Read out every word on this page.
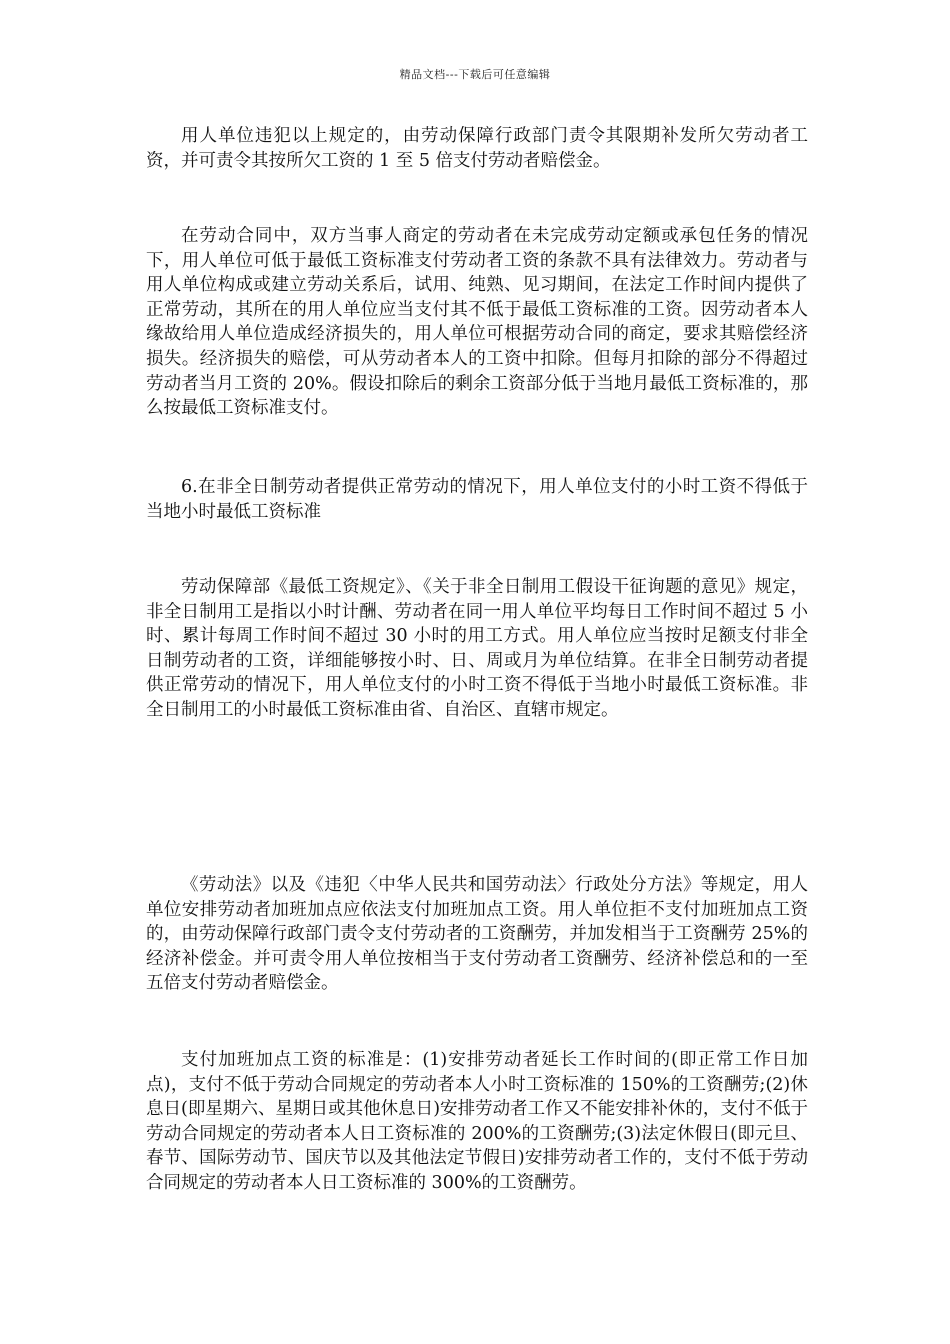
精品文档---下载后可任意编辑

用人单位违犯以上规定的，由劳动保障行政部门责令其限期补发所欠劳动者工资，并可责令其按所欠工资的 1 至 5 倍支付劳动者赔偿金。

在劳动合同中，双方当事人商定的劳动者在未完成劳动定额或承包任务的情况下，用人单位可低于最低工资标准支付劳动者工资的条款不具有法律效力。劳动者与用人单位构成或建立劳动关系后，试用、纯熟、见习期间，在法定工作时间内提供了正常劳动，其所在的用人单位应当支付其不低于最低工资标准的工资。因劳动者本人缘故给用人单位造成经济损失的，用人单位可根据劳动合同的商定，要求其赔偿经济损失。经济损失的赔偿，可从劳动者本人的工资中扣除。但每月扣除的部分不得超过劳动者当月工资的 20%。假设扣除后的剩余工资部分低于当地月最低工资标准的，那么按最低工资标准支付。

6.在非全日制劳动者提供正常劳动的情况下，用人单位支付的小时工资不得低于当地小时最低工资标准

劳动保障部《最低工资规定》、《关于非全日制用工假设干征询题的意见》规定，非全日制用工是指以小时计酬、劳动者在同一用人单位平均每日工作时间不超过 5 小时、累计每周工作时间不超过 30 小时的用工方式。用人单位应当按时足额支付非全日制劳动者的工资，详细能够按小时、日、周或月为单位结算。在非全日制劳动者提供正常劳动的情况下，用人单位支付的小时工资不得低于当地小时最低工资标准。非全日制用工的小时最低工资标准由省、自治区、直辖市规定。

《劳动法》以及《违犯〈中华人民共和国劳动法〉行政处分方法》等规定，用人单位安排劳动者加班加点应依法支付加班加点工资。用人单位拒不支付加班加点工资的，由劳动保障行政部门责令支付劳动者的工资酬劳，并加发相当于工资酬劳 25%的经济补偿金。并可责令用人单位按相当于支付劳动者工资酬劳、经济补偿总和的一至五倍支付劳动者赔偿金。

支付加班加点工资的标准是：(1)安排劳动者延长工作时间的(即正常工作日加点)，支付不低于劳动合同规定的劳动者本人小时工资标准的 150%的工资酬劳;(2)休息日(即星期六、星期日或其他休息日)安排劳动者工作又不能安排补休的，支付不低于劳动合同规定的劳动者本人日工资标准的 200%的工资酬劳;(3)法定休假日(即元旦、春节、国际劳动节、国庆节以及其他法定节假日)安排劳动者工作的，支付不低于劳动合同规定的劳动者本人日工资标准的 300%的工资酬劳。
